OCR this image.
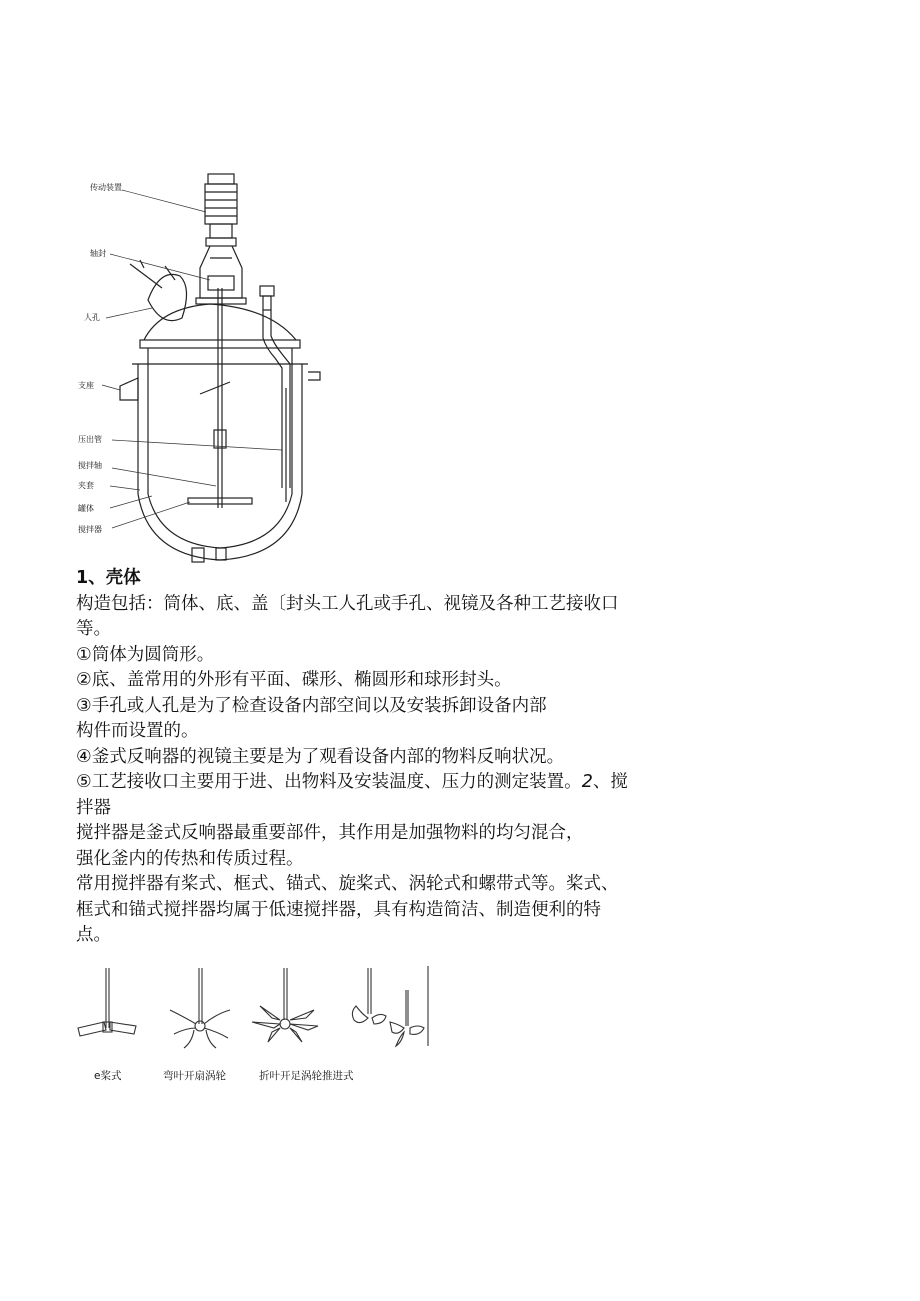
传动装置
轴封
人孔
支座
压出管
搅拌轴
夹套
罐体
搅拌器

1、壳体

构造包括：筒体、底、盖〔封头工人孔或手孔、视镜及各种工艺接收口

等。

①筒体为圆筒形。

②底、盖常用的外形有平面、碟形、椭圆形和球形封头。

③手孔或人孔是为了检查设备内部空间以及安装拆卸设备内部

构件而设置的。

④釜式反响器的视镜主要是为了观看设备内部的物料反响状况。

⑤工艺接收口主要用于进、出物料及安装温度、压力的测定装置。2、搅

拌器

搅拌器是釜式反响器最重要部件，其作用是加强物料的均匀混合，

强化釜内的传热和传质过程。

常用搅拌器有桨式、框式、锚式、旋桨式、涡轮式和螺带式等。桨式、

框式和锚式搅拌器均属于低速搅拌器，具有构造简洁、制造便利的特

点。

e桨式	弯叶开扇涡轮	折叶开足涡轮推进式
